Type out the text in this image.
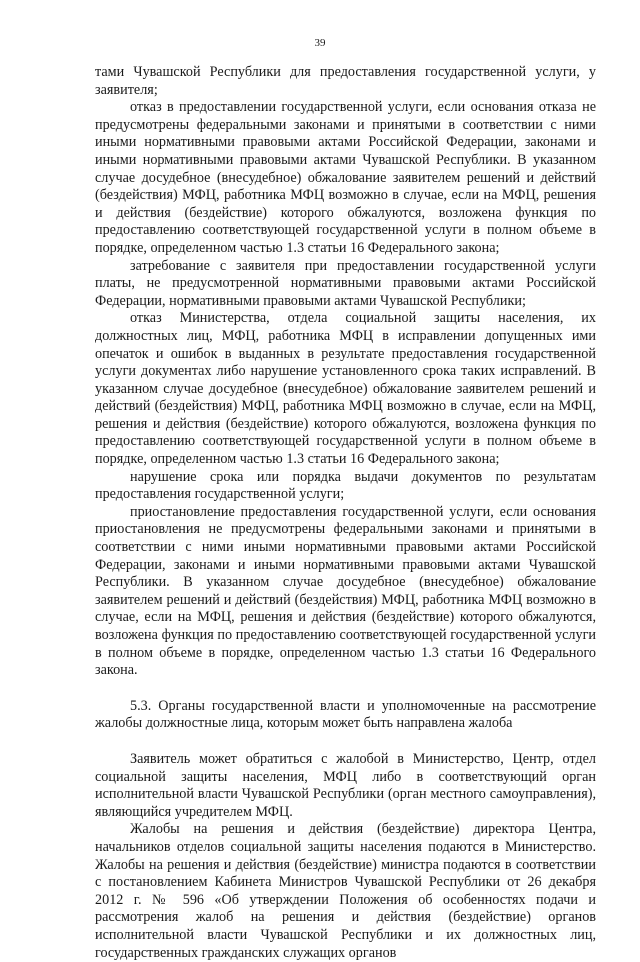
39

тами Чувашской Республики для предоставления государственной услуги, у заявителя;

отказ в предоставлении государственной услуги, если основания отказа не предусмотрены федеральными законами и принятыми в соответствии с ними иными нормативными правовыми актами Российской Федерации, законами и иными нормативными правовыми актами Чувашской Республики. В указанном случае досудебное (внесудебное) обжалование заявителем решений и действий (бездействия) МФЦ, работника МФЦ возможно в случае, если на МФЦ, решения и действия (бездействие) которого обжалуются, возложена функция по предоставлению соответствующей государственной услуги в полном объеме в порядке, определенном частью 1.3 статьи 16 Федерального закона;

затребование с заявителя при предоставлении государственной услуги платы, не предусмотренной нормативными правовыми актами Российской Федерации, нормативными правовыми актами Чувашской Республики;

отказ Министерства, отдела социальной защиты населения, их должностных лиц, МФЦ, работника МФЦ в исправлении допущенных ими опечаток и ошибок в выданных в результате предоставления государственной услуги документах либо нарушение установленного срока таких исправлений. В указанном случае досудебное (внесудебное) обжалование заявителем решений и действий (бездействия) МФЦ, работника МФЦ возможно в случае, если на МФЦ, решения и действия (бездействие) которого обжалуются, возложена функция по предоставлению соответствующей государственной услуги в полном объеме в порядке, определенном частью 1.3 статьи 16 Федерального закона;

нарушение срока или порядка выдачи документов по результатам предоставления государственной услуги;

приостановление предоставления государственной услуги, если основания приостановления не предусмотрены федеральными законами и принятыми в соответствии с ними иными нормативными правовыми актами Российской Федерации, законами и иными нормативными правовыми актами Чувашской Республики. В указанном случае досудебное (внесудебное) обжалование заявителем решений и действий (бездействия) МФЦ, работника МФЦ возможно в случае, если на МФЦ, решения и действия (бездействие) которого обжалуются, возложена функция по предоставлению соответствующей государственной услуги в полном объеме в порядке, определенном частью 1.3 статьи 16 Федерального закона.

5.3. Органы государственной власти и уполномоченные на рассмотрение жалобы должностные лица, которым может быть направлена жалоба

Заявитель может обратиться с жалобой в Министерство, Центр, отдел социальной защиты населения, МФЦ либо в соответствующий орган исполнительной власти Чувашской Республики (орган местного самоуправления), являющийся учредителем МФЦ.

Жалобы на решения и действия (бездействие) директора Центра, начальников отделов социальной защиты населения подаются в Министерство. Жалобы на решения и действия (бездействие) министра подаются в соответствии с постановлением Кабинета Министров Чувашской Республики от 26 декабря 2012 г. № 596 «Об утверждении Положения об особенностях подачи и рассмотрения жалоб на решения и действия (бездействие) органов исполнительной власти Чувашской Республики и их должностных лиц, государственных гражданских служащих органов
